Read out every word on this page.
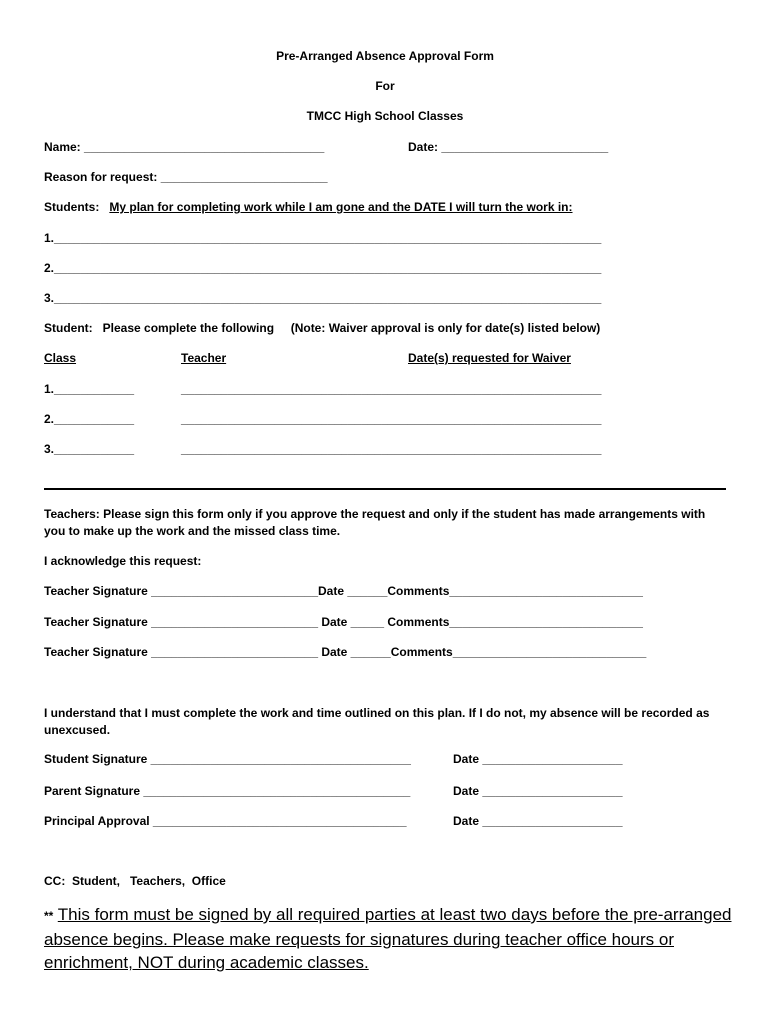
Pre-Arranged Absence Approval Form
For
TMCC High School Classes
Name: ____________________________________	Date: _________________________
Reason for request: _________________________
Students: My plan for completing work while I am gone and the DATE I will turn the work in:
1.__________________________________________________________________________________
2.__________________________________________________________________________________
3.__________________________________________________________________________________
Student:   Please complete the following     (Note: Waiver approval is only for date(s) listed below)
Class	Teacher	Date(s) requested for Waiver
1.____________	_______________________________________________________________
2.____________	_______________________________________________________________
3.____________	_______________________________________________________________
Teachers: Please sign this form only if you approve the request and only if the student has made arrangements with
you to make up the work and the missed class time.
I acknowledge this request:
Teacher Signature _________________________Date ______Comments_____________________________
Teacher Signature _________________________ Date _____ Comments_____________________________
Teacher Signature _________________________ Date ______Comments_____________________________
I understand that I must complete the work and time outlined on this plan. If I do not, my absence will be recorded as
unexcused.
Student Signature _______________________________________	Date _____________________
Parent Signature ________________________________________	Date _____________________
Principal Approval ______________________________________	Date _____________________
CC:  Student,   Teachers,  Office
** This form must be signed by all required parties at least two days before the pre-arranged absence begins. Please make requests for signatures during teacher office hours or enrichment, NOT during academic classes.
